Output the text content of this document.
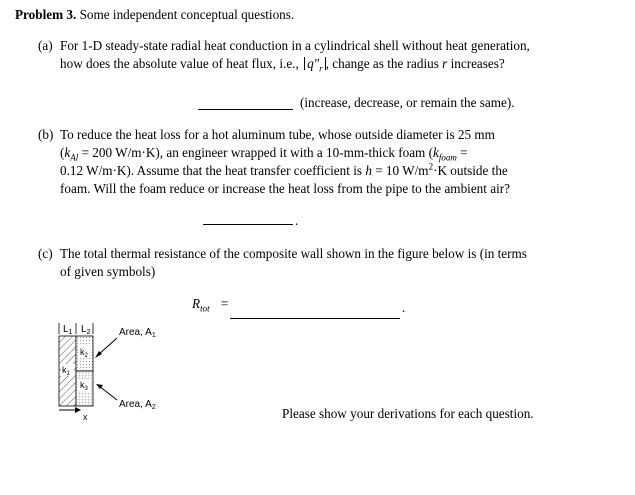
Problem 3. Some independent conceptual questions.
(a) For 1-D steady-state radial heat conduction in a cylindrical shell without heat generation,
how does the absolute value of heat flux, i.e., $q''_r$ , change as the radius r increases?
(increase, decrease, or remain the same).
(b) To reduce the heat loss for a hot aluminum tube, whose outside diameter is 25 mm
($k_{Al} = 200$ W/m·K), an engineer wrapped it with a 10-mm-thick foam ($k_{foam}$ =
0.12 W/m·K). Assume that the heat transfer coefficient is h = 10 $W/m^2\cdot K$ outside the
foam. Will the foam reduce or increase the heat loss from the pipe to the ambient air?
.
(c) The total thermal resistance of the composite wall shown in the figure below is (in terms
of given symbols)
$R_{tot}$ =	.
$L_1$ $L_2$
$k_1$
$k_2$
$k_3$
Area, $A_1$
Area, $A_2$
x	Please show your derivations for each question.
